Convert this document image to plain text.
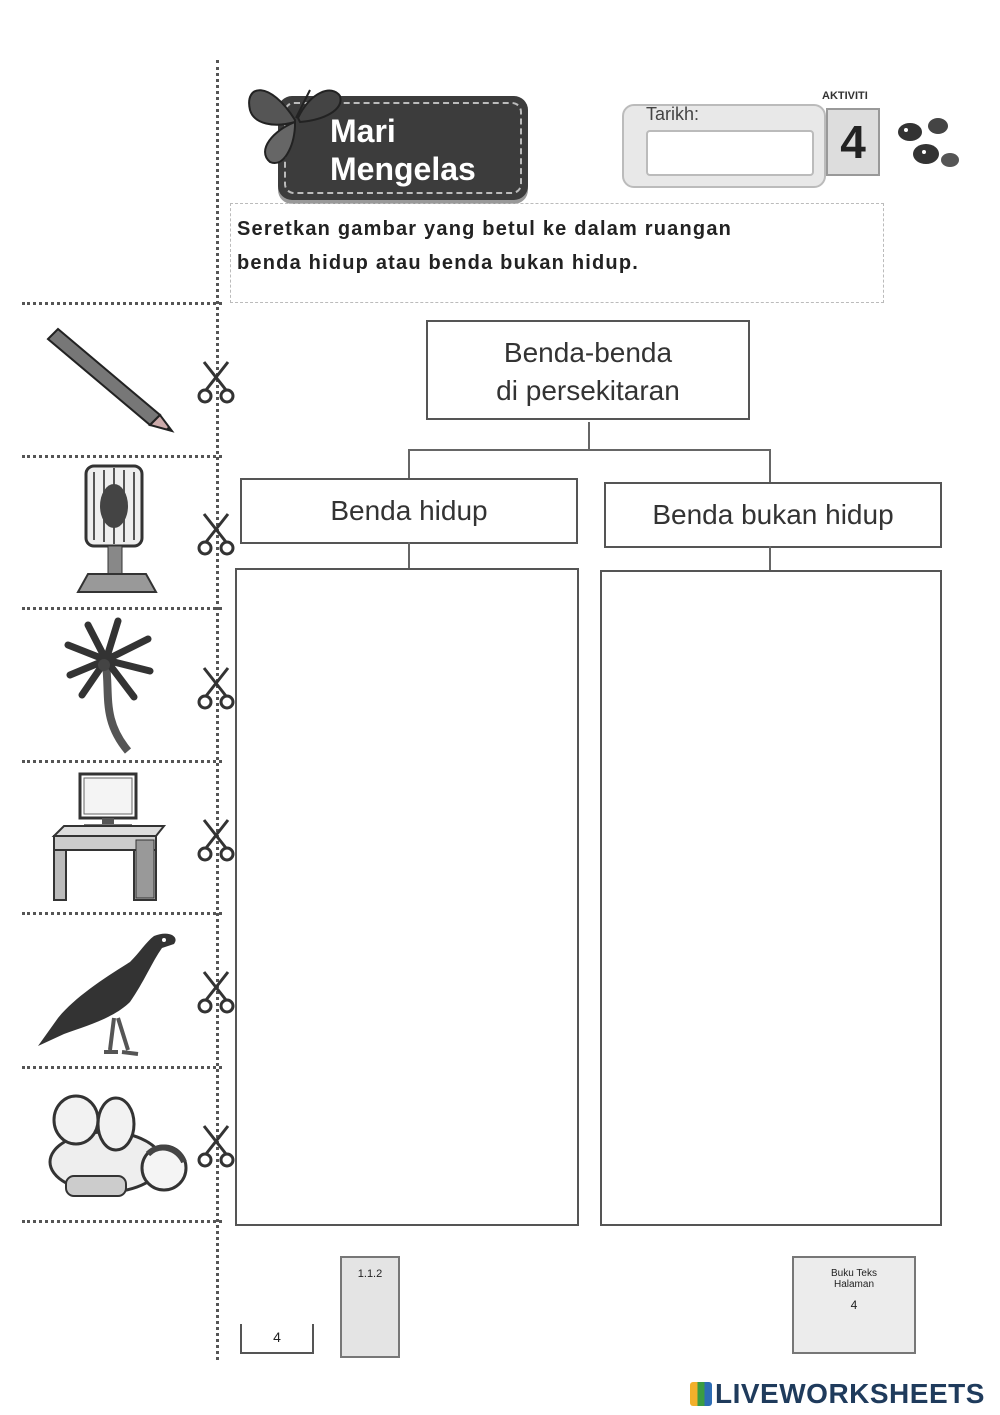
Mari
Mengelas
Tarikh:
AKTIVITI
4

Seretkan gambar yang betul ke dalam ruangan
benda hidup atau benda bukan hidup.

Benda-benda
di persekitaran
Benda hidup	Benda bukan hidup
1.1.2
4
Buku Teks
Halaman
4
LIVEWORKSHEETS
